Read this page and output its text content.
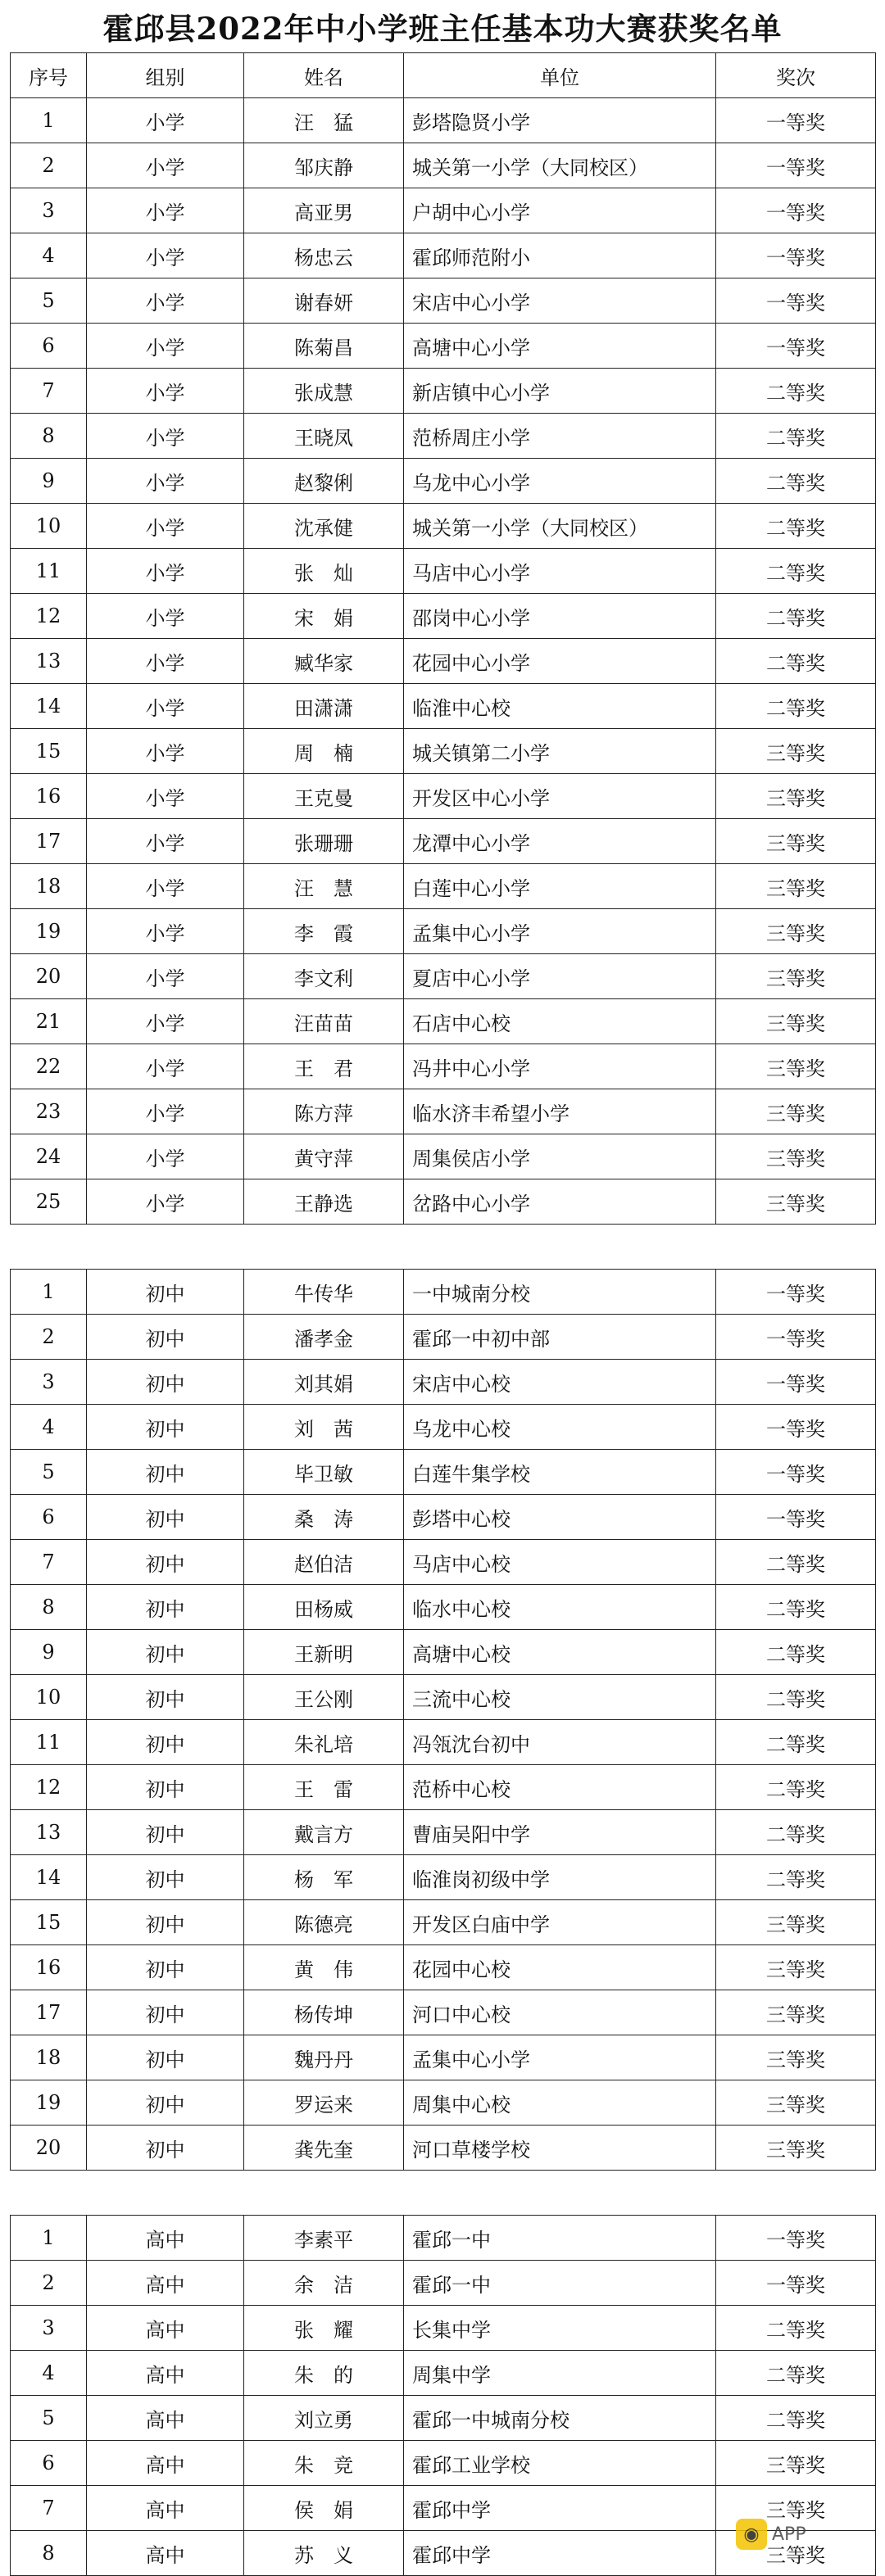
霍邱县2022年中小学班主任基本功大赛获奖名单
序号	组别	姓名	单位	奖次
1	小学	汪　猛	彭塔隐贤小学	一等奖
2	小学	邹庆静	城关第一小学（大同校区）	一等奖
3	小学	高亚男	户胡中心小学	一等奖
4	小学	杨忠云	霍邱师范附小	一等奖
5	小学	谢春妍	宋店中心小学	一等奖
6	小学	陈菊昌	高塘中心小学	一等奖
7	小学	张成慧	新店镇中心小学	二等奖
8	小学	王晓凤	范桥周庄小学	二等奖
9	小学	赵黎俐	乌龙中心小学	二等奖
10	小学	沈承健	城关第一小学（大同校区）	二等奖
11	小学	张　灿	马店中心小学	二等奖
12	小学	宋　娟	邵岗中心小学	二等奖
13	小学	臧华家	花园中心小学	二等奖
14	小学	田潇潇	临淮中心校	二等奖
15	小学	周　楠	城关镇第二小学	三等奖
16	小学	王克曼	开发区中心小学	三等奖
17	小学	张珊珊	龙潭中心小学	三等奖
18	小学	汪　慧	白莲中心小学	三等奖
19	小学	李　霞	孟集中心小学	三等奖
20	小学	李文利	夏店中心小学	三等奖
21	小学	汪苗苗	石店中心校	三等奖
22	小学	王　君	冯井中心小学	三等奖
23	小学	陈方萍	临水济丰希望小学	三等奖
24	小学	黄守萍	周集侯店小学	三等奖
25	小学	王静选	岔路中心小学	三等奖

1	初中	牛传华	一中城南分校	一等奖
2	初中	潘孝金	霍邱一中初中部	一等奖
3	初中	刘其娟	宋店中心校	一等奖
4	初中	刘　茜	乌龙中心校	一等奖
5	初中	毕卫敏	白莲牛集学校	一等奖
6	初中	桑　涛	彭塔中心校	一等奖
7	初中	赵伯洁	马店中心校	二等奖
8	初中	田杨威	临水中心校	二等奖
9	初中	王新明	高塘中心校	二等奖
10	初中	王公刚	三流中心校	二等奖
11	初中	朱礼培	冯瓴沈台初中	二等奖
12	初中	王　雷	范桥中心校	二等奖
13	初中	戴言方	曹庙吴阳中学	二等奖
14	初中	杨　军	临淮岗初级中学	二等奖
15	初中	陈德亮	开发区白庙中学	三等奖
16	初中	黄　伟	花园中心校	三等奖
17	初中	杨传坤	河口中心校	三等奖
18	初中	魏丹丹	孟集中心小学	三等奖
19	初中	罗运来	周集中心校	三等奖
20	初中	龚先奎	河口草楼学校	三等奖

1	高中	李素平	霍邱一中	一等奖
2	高中	余　洁	霍邱一中	一等奖
3	高中	张　耀	长集中学	二等奖
4	高中	朱　的	周集中学	二等奖
5	高中	刘立勇	霍邱一中城南分校	二等奖
6	高中	朱　竞	霍邱工业学校	三等奖
7	高中	侯　娟	霍邱中学	三等奖
8	高中	苏　义	霍邱中学	三等奖
◉ APP
